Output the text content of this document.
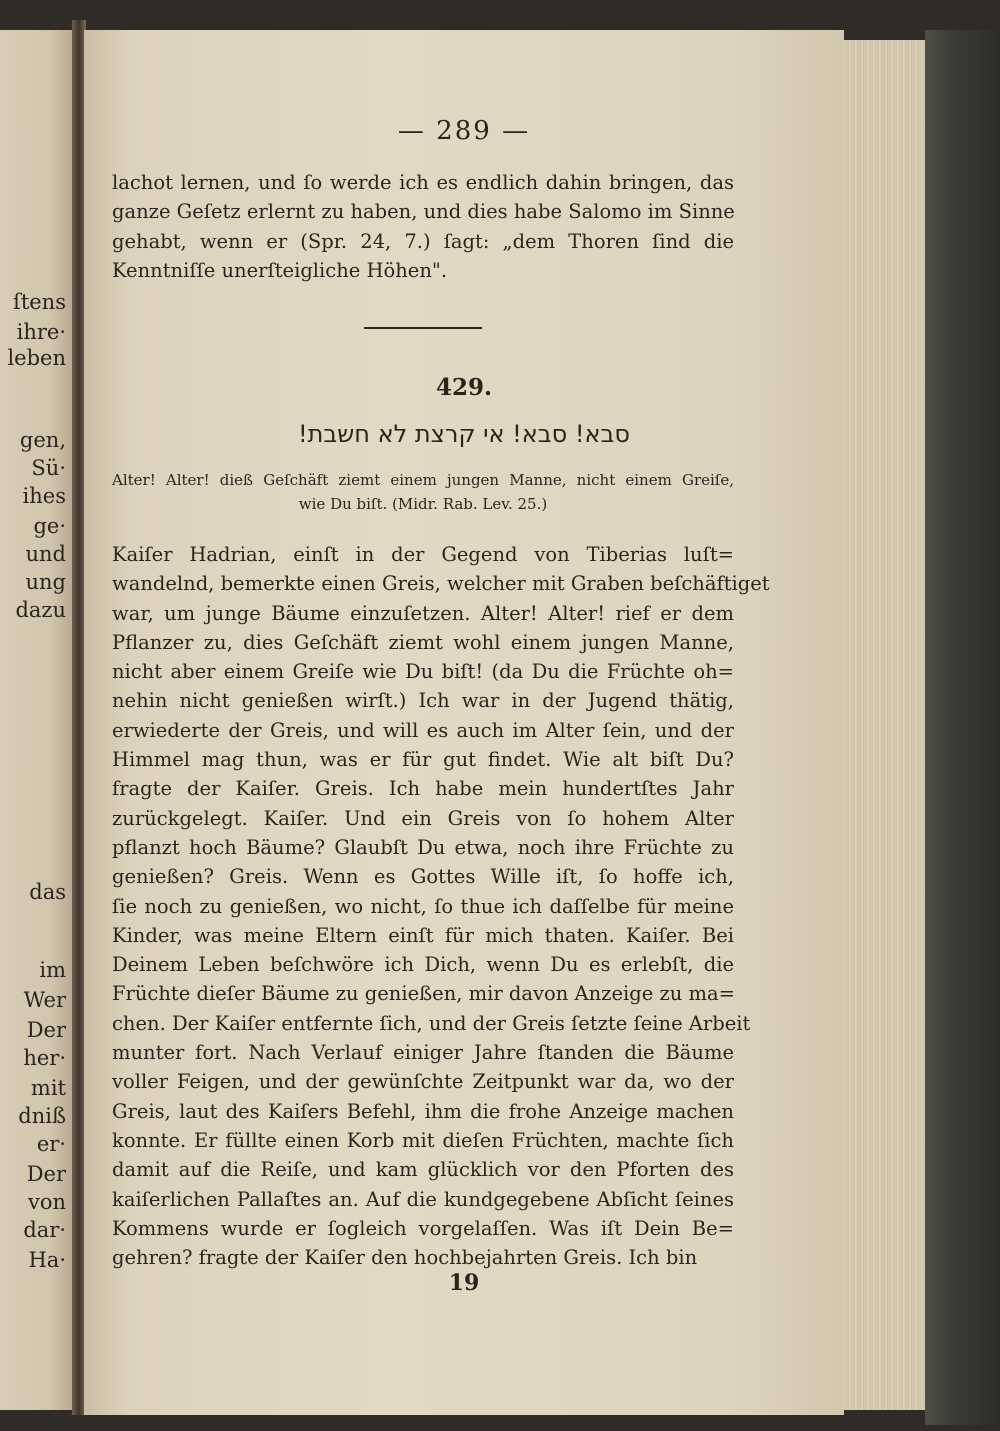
ſtens
ihre·
leben
gen,
Sü·
ihes
ge·
und
ung
dazu
das
im
Wer
Der
her·
mit
dniß
er·
Der
von
dar·
Ha·
— 289 —
lachot lernen, und ſo werde ich es endlich dahin bringen, das
ganze Geſetz erlernt zu haben, und dies habe Salomo im Sinne
gehabt, wenn er (Spr. 24, 7.) ſagt: „dem Thoren ſind die
Kenntniſſe unerſteigliche Höhen".
429.
סבא! סבא! אי קרצת לא חשבת!
Alter! Alter! dieß Geſchäft ziemt einem jungen Manne, nicht einem Greiſe,
wie Du biſt. (Midr. Rab. Lev. 25.)
Kaiſer Hadrian, einſt in der Gegend von Tiberias luſt=
wandelnd, bemerkte einen Greis, welcher mit Graben beſchäftiget
war, um junge Bäume einzuſetzen. Alter! Alter! rief er dem
Pflanzer zu, dies Geſchäft ziemt wohl einem jungen Manne,
nicht aber einem Greiſe wie Du biſt! (da Du die Früchte oh=
nehin nicht genießen wirſt.) Ich war in der Jugend thätig,
erwiederte der Greis, und will es auch im Alter ſein, und der
Himmel mag thun, was er für gut findet. Wie alt biſt Du?
fragte der Kaiſer. Greis. Ich habe mein hundertſtes Jahr
zurückgelegt. Kaiſer. Und ein Greis von ſo hohem Alter
pflanzt hoch Bäume? Glaubſt Du etwa, noch ihre Früchte zu
genießen? Greis. Wenn es Gottes Wille iſt, ſo hoffe ich,
ſie noch zu genießen, wo nicht, ſo thue ich daſſelbe für meine
Kinder, was meine Eltern einſt für mich thaten. Kaiſer. Bei
Deinem Leben beſchwöre ich Dich, wenn Du es erlebſt, die
Früchte dieſer Bäume zu genießen, mir davon Anzeige zu ma=
chen. Der Kaiſer entfernte ſich, und der Greis ſetzte ſeine Arbeit
munter fort. Nach Verlauf einiger Jahre ſtanden die Bäume
voller Feigen, und der gewünſchte Zeitpunkt war da, wo der
Greis, laut des Kaiſers Befehl, ihm die frohe Anzeige machen
konnte. Er füllte einen Korb mit dieſen Früchten, machte ſich
damit auf die Reiſe, und kam glücklich vor den Pforten des
kaiſerlichen Pallaſtes an. Auf die kundgegebene Abſicht ſeines
Kommens wurde er ſogleich vorgelaſſen. Was iſt Dein Be=
gehren? fragte der Kaiſer den hochbejahrten Greis. Ich bin
19
